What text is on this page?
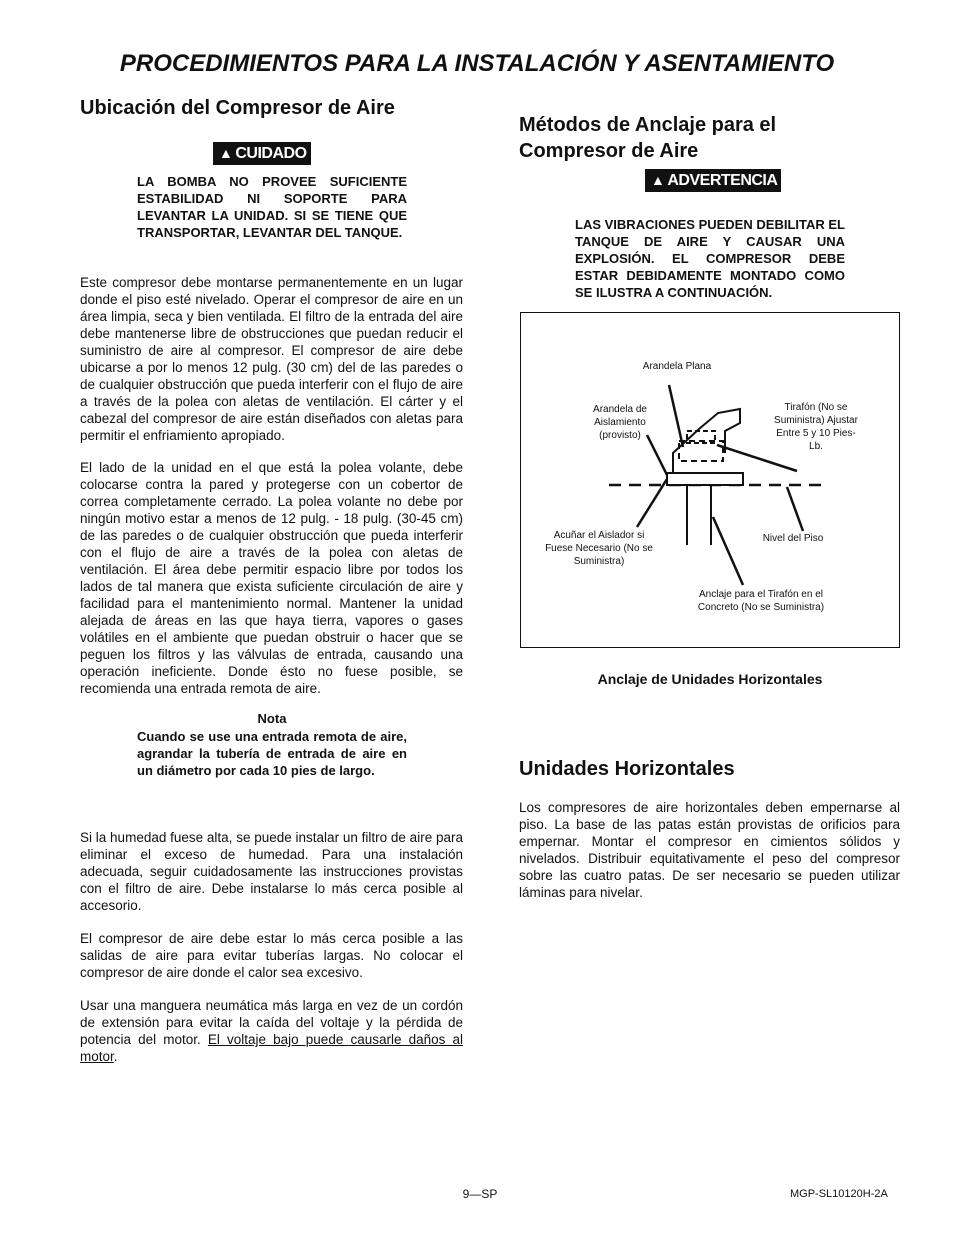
PROCEDIMIENTOS PARA LA INSTALACIÓN Y ASENTAMIENTO
Ubicación del Compresor de Aire
▲ CUIDADO

LA BOMBA NO PROVEE SUFICIENTE ESTABILIDAD NI SOPORTE PARA LEVANTAR LA UNIDAD. SI SE TIENE QUE TRANSPORTAR, LEVANTAR DEL TANQUE.

Este compresor debe montarse permanentemente en un lugar donde el piso esté nivelado. Operar el compresor de aire en un área limpia, seca y bien ventilada. El filtro de la entrada del aire debe mantenerse libre de obstrucciones que puedan reducir el suministro de aire al compresor. El compresor de aire debe ubicarse a por lo menos 12 pulg. (30 cm) del de las paredes o de cualquier obstrucción que pueda interferir con el flujo de aire a través de la polea con aletas de ventilación. El cárter y el cabezal del compresor de aire están diseñados con aletas para permitir el enfriamiento apropiado.

El lado de la unidad en el que está la polea volante, debe colocarse contra la pared y protegerse con un cobertor de correa completamente cerrado. La polea volante no debe por ningún motivo estar a menos de 12 pulg. - 18 pulg. (30-45 cm) de las paredes o de cualquier obstrucción que pueda interferir con el flujo de aire a través de la polea con aletas de ventilación. El área debe permitir espacio libre por todos los lados de tal manera que exista suficiente circulación de aire y facilidad para el mantenimiento normal. Mantener la unidad alejada de áreas en las que haya tierra, vapores o gases volátiles en el ambiente que puedan obstruir o hacer que se peguen los filtros y las válvulas de entrada, causando una operación ineficiente. Donde ésto no fuese posible, se recomienda una entrada remota de aire.

Nota

Cuando se use una entrada remota de aire, agrandar la tubería de entrada de aire en un diámetro por cada 10 pies de largo.

Si la humedad fuese alta, se puede instalar un filtro de aire para eliminar el exceso de humedad. Para una instalación adecuada, seguir cuidadosamente las instrucciones provistas con el filtro de aire. Debe instalarse lo más cerca posible al accesorio.

El compresor de aire debe estar lo más cerca posible a las salidas de aire para evitar tuberías largas. No colocar el compresor de aire donde el calor sea excesivo.

Usar una manguera neumática más larga en vez de un cordón de extensión para evitar la caída del voltaje y la pérdida de potencia del motor. El voltaje bajo puede causarle daños al motor.

Métodos de Anclaje para el Compresor de Aire
▲ ADVERTENCIA

LAS VIBRACIONES PUEDEN DEBILITAR EL TANQUE DE AIRE Y CAUSAR UNA EXPLOSIÓN. EL COMPRESOR DEBE ESTAR DEBIDAMENTE MONTADO COMO SE ILUSTRA A CONTINUACIÓN.

Arandela Plana
Arandela de Aislamiento (provisto)
Tirafón (No se Suministra) Ajustar Entre 5 y 10 Pies-Lb.
Acuñar el Aislador si Fuese Necesario (No se Suministra)
Nivel del Piso
Anclaje para el Tirafón en el Concreto (No se Suministra)

Anclaje de Unidades Horizontales

Unidades Horizontales

Los compresores de aire horizontales deben empernarse al piso. La base de las patas están provistas de orificios para empernar. Montar el compresor en cimientos sólidos y nivelados. Distribuir equitativamente el peso del compresor sobre las cuatro patas. De ser necesario se pueden utilizar láminas para nivelar.

9—SP	MGP-SL10120H-2A
